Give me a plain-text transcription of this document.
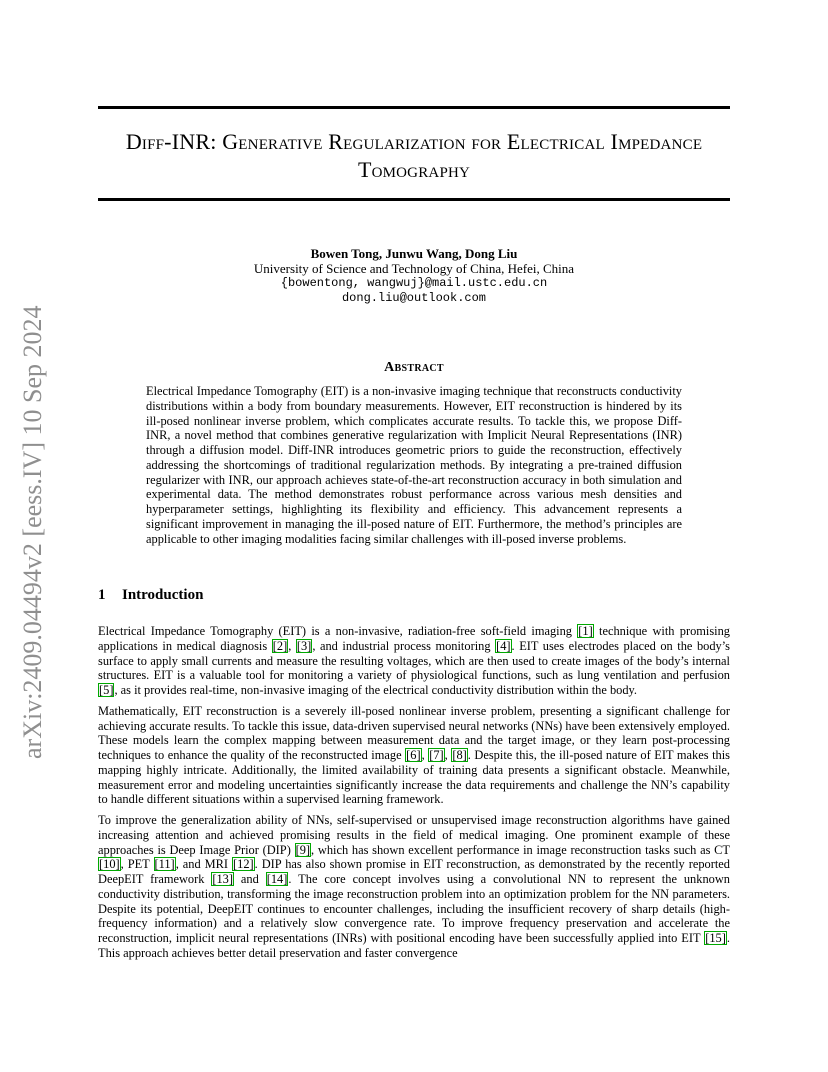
arXiv:2409.04494v2 [eess.IV] 10 Sep 2024
Diff-INR: Generative Regularization for Electrical Impedance Tomography
Bowen Tong, Junwu Wang, Dong Liu
University of Science and Technology of China, Hefei, China
{bowentong, wangwuj}@mail.ustc.edu.cn
dong.liu@outlook.com
Abstract
Electrical Impedance Tomography (EIT) is a non-invasive imaging technique that reconstructs conductivity distributions within a body from boundary measurements. However, EIT reconstruction is hindered by its ill-posed nonlinear inverse problem, which complicates accurate results. To tackle this, we propose Diff-INR, a novel method that combines generative regularization with Implicit Neural Representations (INR) through a diffusion model. Diff-INR introduces geometric priors to guide the reconstruction, effectively addressing the shortcomings of traditional regularization methods. By integrating a pre-trained diffusion regularizer with INR, our approach achieves state-of-the-art reconstruction accuracy in both simulation and experimental data. The method demonstrates robust performance across various mesh densities and hyperparameter settings, highlighting its flexibility and efficiency. This advancement represents a significant improvement in managing the ill-posed nature of EIT. Furthermore, the method’s principles are applicable to other imaging modalities facing similar challenges with ill-posed inverse problems.
1 Introduction

Electrical Impedance Tomography (EIT) is a non-invasive, radiation-free soft-field imaging [1] technique with promising applications in medical diagnosis [2], [3], and industrial process monitoring [4]. EIT uses electrodes placed on the body’s surface to apply small currents and measure the resulting voltages, which are then used to create images of the body’s internal structures. EIT is a valuable tool for monitoring a variety of physiological functions, such as lung ventilation and perfusion [5], as it provides real-time, non-invasive imaging of the electrical conductivity distribution within the body.

Mathematically, EIT reconstruction is a severely ill-posed nonlinear inverse problem, presenting a significant challenge for achieving accurate results. To tackle this issue, data-driven supervised neural networks (NNs) have been extensively employed. These models learn the complex mapping between measurement data and the target image, or they learn post-processing techniques to enhance the quality of the reconstructed image [6], [7], [8]. Despite this, the ill-posed nature of EIT makes this mapping highly intricate. Additionally, the limited availability of training data presents a significant obstacle. Meanwhile, measurement error and modeling uncertainties significantly increase the data requirements and challenge the NN’s capability to handle different situations within a supervised learning framework.

To improve the generalization ability of NNs, self-supervised or unsupervised image reconstruction algorithms have gained increasing attention and achieved promising results in the field of medical imaging. One prominent example of these approaches is Deep Image Prior (DIP) [9], which has shown excellent performance in image reconstruction tasks such as CT [10], PET [11], and MRI [12]. DIP has also shown promise in EIT reconstruction, as demonstrated by the recently reported DeepEIT framework [13] and [14]. The core concept involves using a convolutional NN to represent the unknown conductivity distribution, transforming the image reconstruction problem into an optimization problem for the NN parameters. Despite its potential, DeepEIT continues to encounter challenges, including the insufficient recovery of sharp details (high-frequency information) and a relatively slow convergence rate. To improve frequency preservation and accelerate the reconstruction, implicit neural representations (INRs) with positional encoding have been successfully applied into EIT [15]. This approach achieves better detail preservation and faster convergence
